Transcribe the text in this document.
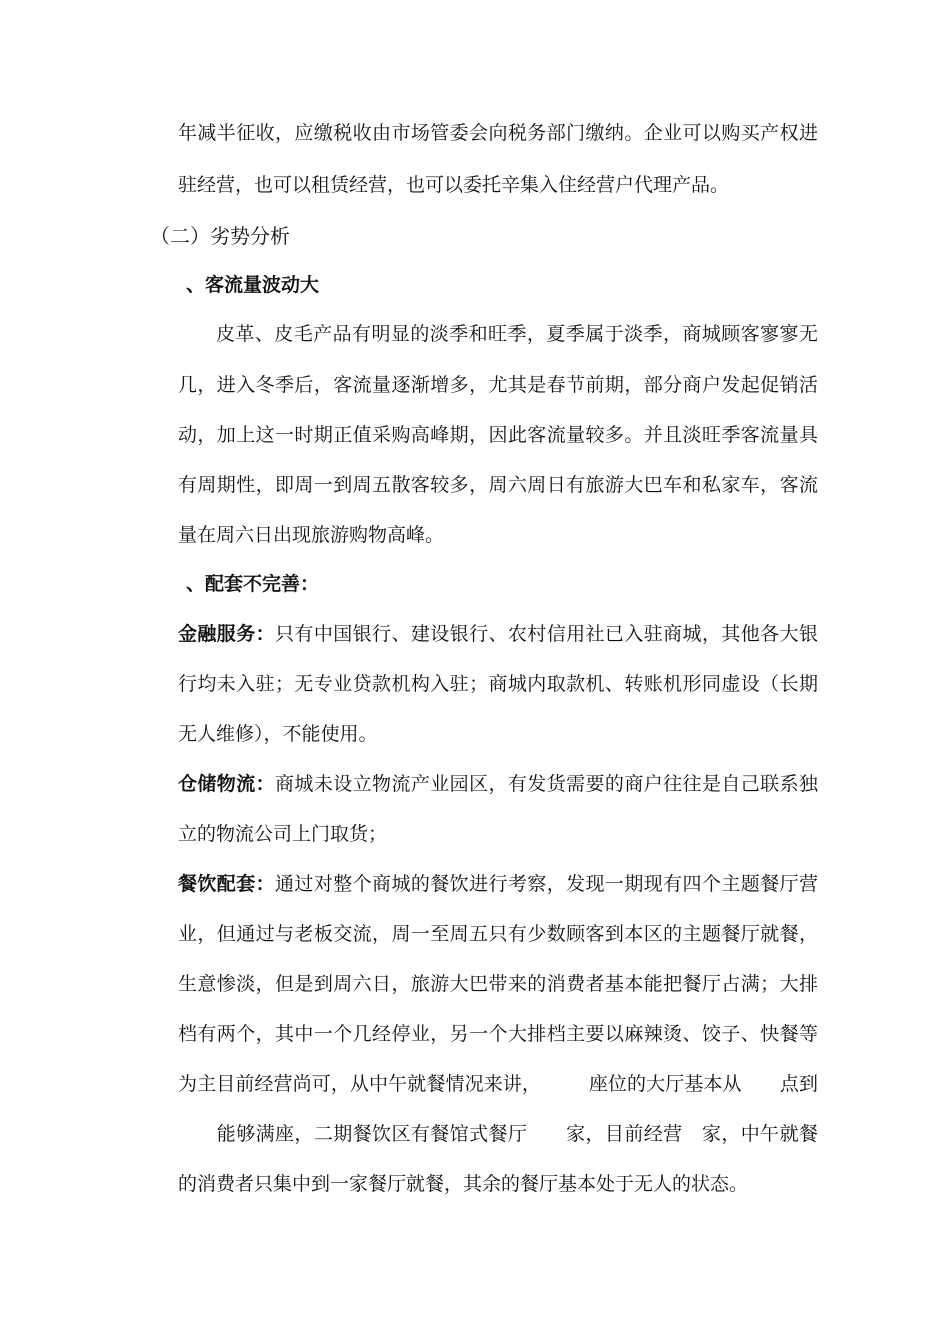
年减半征收，应缴税收由市场管委会向税务部门缴纳。企业可以购买产权进
驻经营，也可以租赁经营，也可以委托辛集入住经营户代理产品。
（二）劣势分析
、客流量波动大
皮革、皮毛产品有明显的淡季和旺季，夏季属于淡季，商城顾客寥寥无
几，进入冬季后，客流量逐渐增多，尤其是春节前期，部分商户发起促销活
动，加上这一时期正值采购高峰期，因此客流量较多。并且淡旺季客流量具
有周期性，即周一到周五散客较多，周六周日有旅游大巴车和私家车，客流
量在周六日出现旅游购物高峰。
、配套不完善：
金融服务：只有中国银行、建设银行、农村信用社已入驻商城，其他各大银
行均未入驻；无专业贷款机构入驻；商城内取款机、转账机形同虚设（长期
无人维修），不能使用。
仓储物流：商城未设立物流产业园区，有发货需要的商户往往是自己联系独
立的物流公司上门取货；
餐饮配套：通过对整个商城的餐饮进行考察，发现一期现有四个主题餐厅营
业，但通过与老板交流，周一至周五只有少数顾客到本区的主题餐厅就餐，
生意惨淡，但是到周六日，旅游大巴带来的消费者基本能把餐厅占满；大排
档有两个，其中一个几经停业，另一个大排档主要以麻辣烫、饺子、快餐等
为主目前经营尚可，从中午就餐情况来讲，　　　座位的大厅基本从　　点到
　　能够满座，二期餐饮区有餐馆式餐厅　　家，目前经营　家，中午就餐
的消费者只集中到一家餐厅就餐，其余的餐厅基本处于无人的状态。
